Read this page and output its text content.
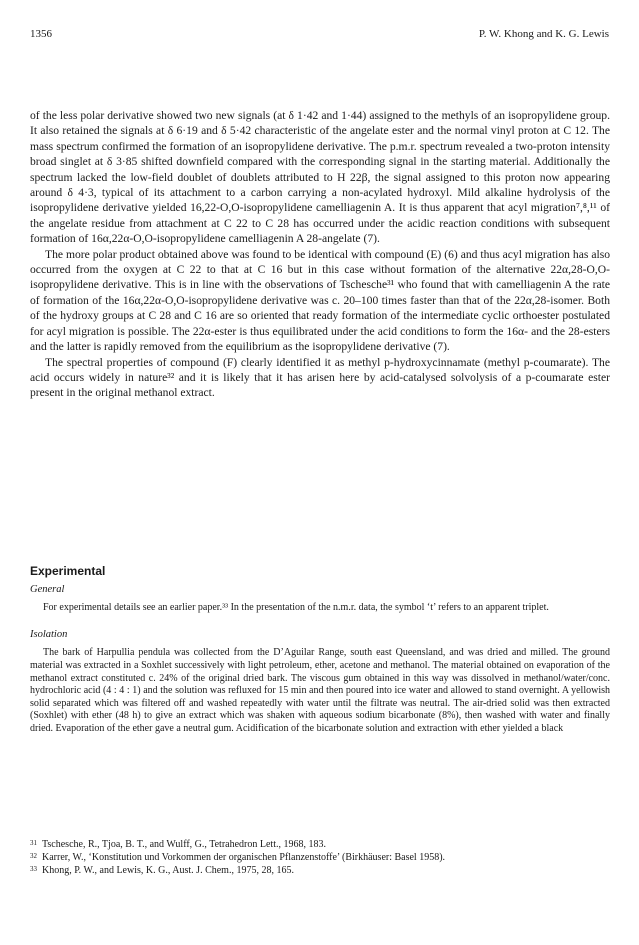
1356	P. W. Khong and K. G. Lewis

of the less polar derivative showed two new signals (at δ 1·42 and 1·44) assigned to the methyls of an isopropylidene group. It also retained the signals at δ 6·19 and δ 5·42 characteristic of the angelate ester and the normal vinyl proton at C 12. The mass spectrum confirmed the formation of an isopropylidene derivative. The p.m.r. spectrum revealed a two-proton intensity broad singlet at δ 3·85 shifted downfield compared with the corresponding signal in the starting material. Additionally the spectrum lacked the low-field doublet of doublets attributed to H 22β, the signal assigned to this proton now appearing around δ 4·3, typical of its attachment to a carbon carrying a non-acylated hydroxyl. Mild alkaline hydrolysis of the isopropylidene derivative yielded 16,22-O,O-isopropylidene camelliagenin A. It is thus apparent that acyl migration⁷,⁸,¹¹ of the angelate residue from attachment at C 22 to C 28 has occurred under the acidic reaction conditions with subsequent formation of 16α,22α-O,O-isopropylidene camelliagenin A 28-angelate (7).

The more polar product obtained above was found to be identical with compound (E) (6) and thus acyl migration has also occurred from the oxygen at C 22 to that at C 16 but in this case without formation of the alternative 22α,28-O,O-isopropylidene derivative. This is in line with the observations of Tschesche³¹ who found that with camelliagenin A the rate of formation of the 16α,22α-O,O-isopropylidene derivative was c. 20–100 times faster than that of the 22α,28-isomer. Both of the hydroxy groups at C 28 and C 16 are so oriented that ready formation of the intermediate cyclic orthoester postulated for acyl migration is possible. The 22α-ester is thus equilibrated under the acid conditions to form the 16α- and the 28-esters and the latter is rapidly removed from the equilibrium as the isopropylidene derivative (7).

The spectral properties of compound (F) clearly identified it as methyl p-hydroxycinnamate (methyl p-coumarate). The acid occurs widely in nature³² and it is likely that it has arisen here by acid-catalysed solvolysis of a p-coumarate ester present in the original methanol extract.

Experimental
General

For experimental details see an earlier paper.³³ In the presentation of the n.m.r. data, the symbol ‘t’ refers to an apparent triplet.

Isolation

The bark of Harpullia pendula was collected from the D’Aguilar Range, south east Queensland, and was dried and milled. The ground material was extracted in a Soxhlet successively with light petroleum, ether, acetone and methanol. The material obtained on evaporation of the methanol extract constituted c. 24% of the original dried bark. The viscous gum obtained in this way was dissolved in methanol/water/conc. hydrochloric acid (4 : 4 : 1) and the solution was refluxed for 15 min and then poured into ice water and allowed to stand overnight. A yellowish solid separated which was filtered off and washed repeatedly with water until the filtrate was neutral. The air-dried solid was then extracted (Soxhlet) with ether (48 h) to give an extract which was shaken with aqueous sodium bicarbonate (8%), then washed with water and finally dried. Evaporation of the ether gave a neutral gum. Acidification of the bicarbonate solution and extraction with ether yielded a black

31 Tschesche, R., Tjoa, B. T., and Wulff, G., Tetrahedron Lett., 1968, 183.
32 Karrer, W., ‘Konstitution und Vorkommen der organischen Pflanzenstoffe’ (Birkhäuser: Basel 1958).
33 Khong, P. W., and Lewis, K. G., Aust. J. Chem., 1975, 28, 165.
